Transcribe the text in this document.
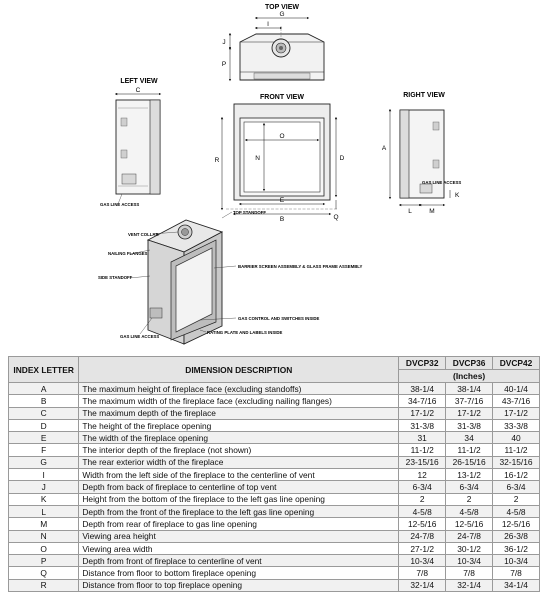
TOP VIEW
G
I
J
P
LEFT VIEW
C
GAS LINE ACCESS
FRONT VIEW
O
N
R	D
E
B	Q
RIGHT VIEW
A
K
GAS LINE ACCESS
L	M
TOP STANDOFF
VENT COLLAR
NAILING FLANGES
SIDE STANDOFF
BARRIER SCREEN ASSEMBLY & GLASS FRAME ASSEMBLY
GAS CONTROL AND SWITCHES INSIDE
RATING PLATE AND LABELS INSIDE
GAS LINE ACCESS
INDEX LETTER	DIMENSION DESCRIPTION	DVCP32	DVCP36	DVCP42
		(Inches)		
A	The maximum height of fireplace face (excluding standoffs)	38-1/4	38-1/4	40-1/4
B	The maximum width of the fireplace face (excluding nailing flanges)	34-7/16	37-7/16	43-7/16
C	The maximum depth of the fireplace	17-1/2	17-1/2	17-1/2
D	The height of the fireplace opening	31-3/8	31-3/8	33-3/8
E	The width of the fireplace opening	31	34	40
F	The interior depth of the fireplace (not shown)	11-1/2	11-1/2	11-1/2
G	The rear exterior width of the fireplace	23-15/16	26-15/16	32-15/16
I	Width from the left side of the fireplace to the centerline of vent	12	13-1/2	16-1/2
J	Depth from back of fireplace to centerline of top vent	6-3/4	6-3/4	6-3/4
K	Height from the bottom of the fireplace to the left gas line opening	2	2	2
L	Depth from the front of the fireplace to the left gas line opening	4-5/8	4-5/8	4-5/8
M	Depth from rear of fireplace to gas line opening	12-5/16	12-5/16	12-5/16
N	Viewing area height	24-7/8	24-7/8	26-3/8
O	Viewing area width	27-1/2	30-1/2	36-1/2
P	Depth from front of fireplace to centerline of vent	10-3/4	10-3/4	10-3/4
Q	Distance from floor to bottom fireplace opening	7/8	7/8	7/8
R	Distance from floor to top fireplace opening	32-1/4	32-1/4	34-1/4
